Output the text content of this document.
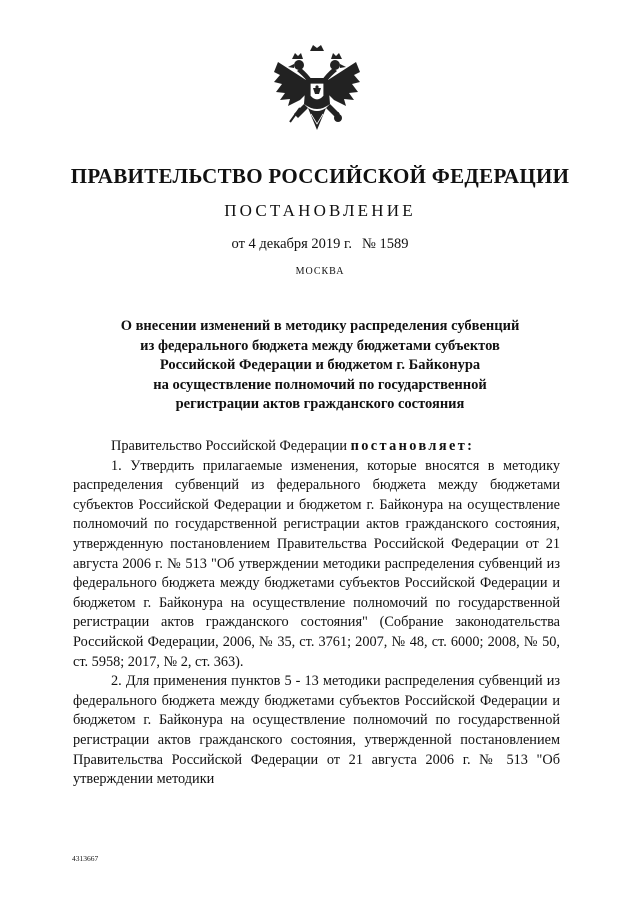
ПРАВИТЕЛЬСТВО РОССИЙСКОЙ ФЕДЕРАЦИИ
ПОСТАНОВЛЕНИЕ
от 4 декабря 2019 г. № 1589
МОСКВА
О внесении изменений в методику распределения субвенций
из федерального бюджета между бюджетами субъектов
Российской Федерации и бюджетом г. Байконура
на осуществление полномочий по государственной
регистрации актов гражданского состояния

Правительство Российской Федерации постановляет:

1. Утвердить прилагаемые изменения, которые вносятся в методику распределения субвенций из федерального бюджета между бюджетами субъектов Российской Федерации и бюджетом г. Байконура на осуществление полномочий по государственной регистрации актов гражданского состояния, утвержденную постановлением Правительства Российской Федерации от 21 августа 2006 г. № 513 "Об утверждении методики распределения субвенций из федерального бюджета между бюджетами субъектов Российской Федерации и бюджетом г. Байконура на осуществление полномочий по государственной регистрации актов гражданского состояния" (Собрание законодательства Российской Федерации, 2006, № 35, ст. 3761; 2007, № 48, ст. 6000; 2008, № 50, ст. 5958; 2017, № 2, ст. 363).

2. Для применения пунктов 5 - 13 методики распределения субвенций из федерального бюджета между бюджетами субъектов Российской Федерации и бюджетом г. Байконура на осуществление полномочий по государственной регистрации актов гражданского состояния, утвержденной постановлением Правительства Российской Федерации от 21 августа 2006 г. № 513 "Об утверждении методики

4313667
